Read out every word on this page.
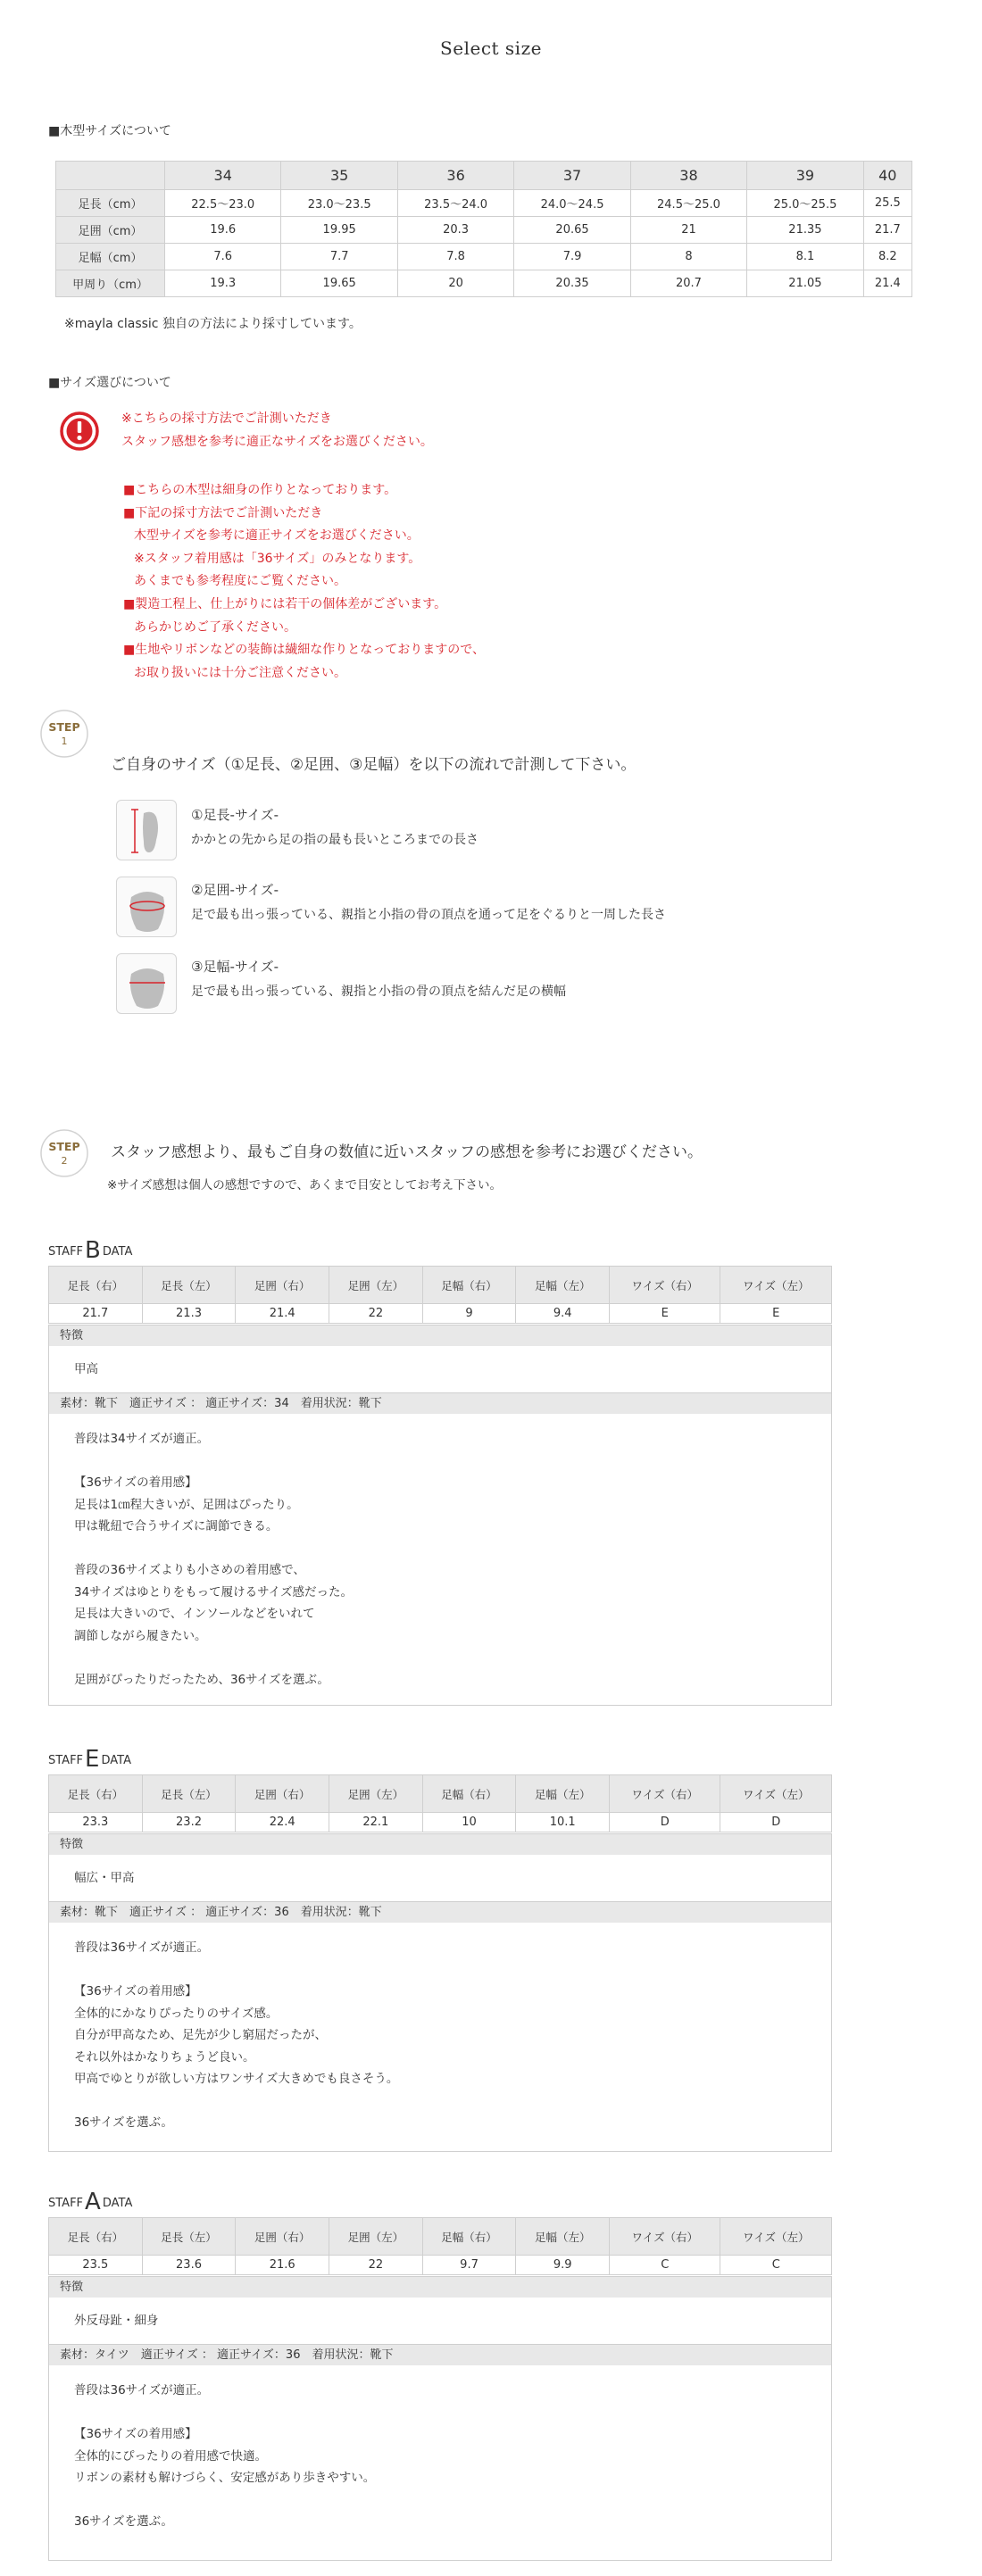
Select size
■木型サイズについて
	34	35	36	37	38	39	40
足長（cm）	22.5～23.0	23.0～23.5	23.5～24.0	24.0～24.5	24.5～25.0	25.0～25.5	25.5
足囲（cm）	19.6	19.95	20.3	20.65	21	21.35	21.7
足幅（cm）	7.6	7.7	7.8	7.9	8	8.1	8.2
甲周り（cm）	19.3	19.65	20	20.35	20.7	21.05	21.4
※mayla classic 独自の方法により採寸しています。
■サイズ選びについて
※こちらの採寸方法でご計測いただき
スタッフ感想を参考に適正なサイズをお選びください。
■こちらの木型は細身の作りとなっております。
■下記の採寸方法でご計測いただき
木型サイズを参考に適正サイズをお選びください。
※スタッフ着用感は「36サイズ」のみとなります。
あくまでも参考程度にご覧ください。
■製造工程上、仕上がりには若干の個体差がございます。
あらかじめご了承ください。
■生地やリボンなどの装飾は繊細な作りとなっておりますので、
お取り扱いには十分ご注意ください。
STEP
1
ご自身のサイズ（①足長、②足囲、③足幅）を以下の流れで計測して下さい。
①足長-サイズ-
かかとの先から足の指の最も長いところまでの長さ
②足囲-サイズ-
足で最も出っ張っている、親指と小指の骨の頂点を通って足をぐるりと一周した長さ
③足幅-サイズ-
足で最も出っ張っている、親指と小指の骨の頂点を結んだ足の横幅
STEP
2	スタッフ感想より、最もご自身の数値に近いスタッフの感想を参考にお選びください。
※サイズ感想は個人の感想ですので、あくまで目安としてお考え下さい。
STAFFB DATA
足長（右）	足長（左）	足囲（右）	足囲（左）	足幅（右）	足幅（左）	ワイズ（右）	ワイズ（左）
21.7	21.3	21.4	22	9	9.4	E	E
特徴
甲高
素材：靴下　適正サイズ ： 適正サイズ：34　着用状況：靴下
普段は34サイズが適正。

【36サイズの着用感】
足長は1㎝程大きいが、足囲はぴったり。
甲は靴紐で合うサイズに調節できる。

普段の36サイズよりも小さめの着用感で、
34サイズはゆとりをもって履けるサイズ感だった。
足長は大きいので、インソールなどをいれて
調節しながら履きたい。

足囲がぴったりだったため、36サイズを選ぶ。
STAFFE DATA
足長（右）	足長（左）	足囲（右）	足囲（左）	足幅（右）	足幅（左）	ワイズ（右）	ワイズ（左）
23.3	23.2	22.4	22.1	10	10.1	D	D
特徴
幅広・甲高
素材：靴下　適正サイズ ： 適正サイズ：36　着用状況：靴下
普段は36サイズが適正。

【36サイズの着用感】
全体的にかなりぴったりのサイズ感。
自分が甲高なため、足先が少し窮屈だったが、
それ以外はかなりちょうど良い。
甲高でゆとりが欲しい方はワンサイズ大きめでも良さそう。

36サイズを選ぶ。
STAFFA DATA
足長（右）	足長（左）	足囲（右）	足囲（左）	足幅（右）	足幅（左）	ワイズ（右）	ワイズ（左）
23.5	23.6	21.6	22	9.7	9.9	C	C
特徴
外反母趾・細身
素材：タイツ　適正サイズ ： 適正サイズ：36　着用状況：靴下
普段は36サイズが適正。

【36サイズの着用感】
全体的にぴったりの着用感で快適。
リボンの素材も解けづらく、安定感があり歩きやすい。

36サイズを選ぶ。
